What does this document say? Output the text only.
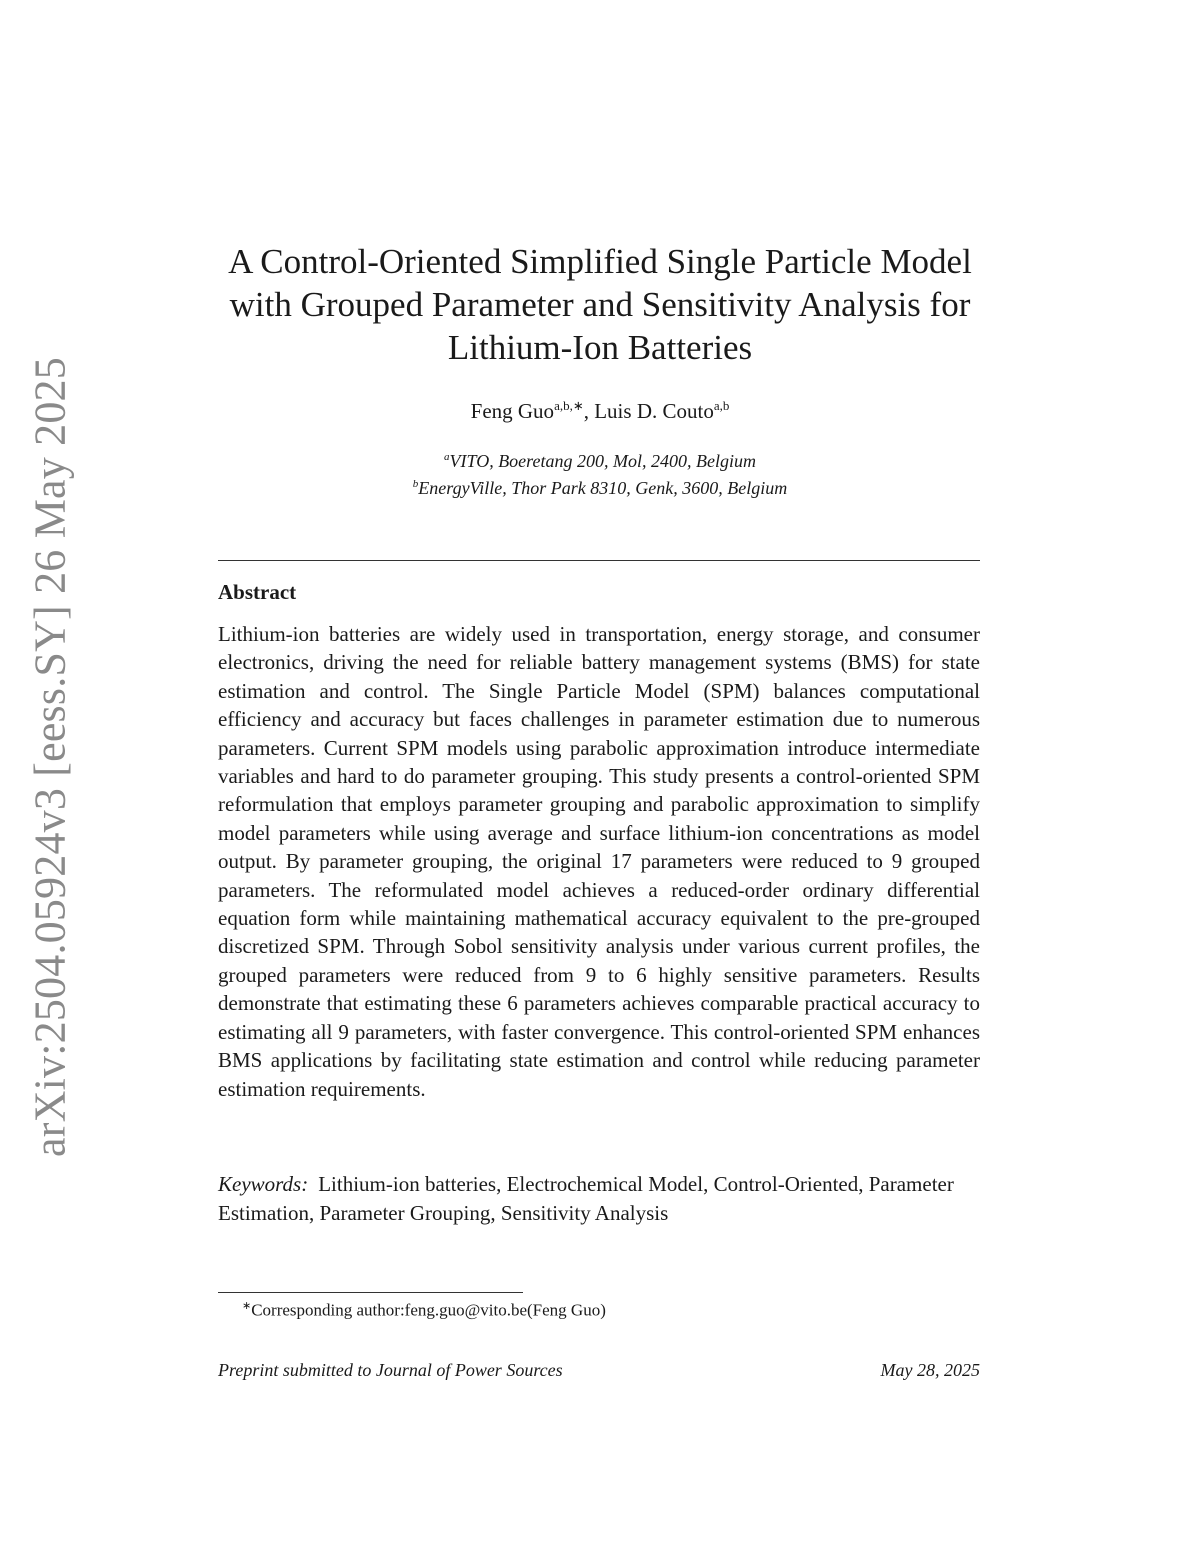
arXiv:2504.05924v3 [eess.SY] 26 May 2025
A Control-Oriented Simplified Single Particle Model
with Grouped Parameter and Sensitivity Analysis for
Lithium-Ion Batteries
Feng Guo$^{a,b,∗}$, Luis D. Couto$^{a,b}$
$^a$VITO, Boeretang 200, Mol, 2400, Belgium
$^b$EnergyVille, Thor Park 8310, Genk, 3600, Belgium
Abstract
Lithium-ion batteries are widely used in transportation, energy storage, and consumer electronics, driving the need for reliable battery management systems (BMS) for state estimation and control. The Single Particle Model (SPM) balances computational efficiency and accuracy but faces challenges in parameter estimation due to numerous parameters. Current SPM models using parabolic approximation introduce intermediate variables and hard to do parameter grouping. This study presents a control-oriented SPM reformulation that employs parameter grouping and parabolic approximation to simplify model parameters while using average and surface lithium-ion concentrations as model output. By parameter grouping, the original 17 parameters were reduced to 9 grouped parameters. The reformulated model achieves a reduced-order ordinary differential equation form while maintaining mathematical accuracy equivalent to the pre-grouped discretized SPM. Through Sobol sensitivity analysis under various current profiles, the grouped parameters were reduced from 9 to 6 highly sensitive parameters. Results demonstrate that estimating these 6 parameters achieves comparable practical accuracy to estimating all 9 parameters, with faster convergence. This control-oriented SPM enhances BMS applications by facilitating state estimation and control while reducing parameter estimation requirements.
Keywords: Lithium-ion batteries, Electrochemical Model, Control-Oriented, Parameter Estimation, Parameter Grouping, Sensitivity Analysis
∗Corresponding author:feng.guo@vito.be(Feng Guo)
Preprint submitted to Journal of Power Sources	May 28, 2025
